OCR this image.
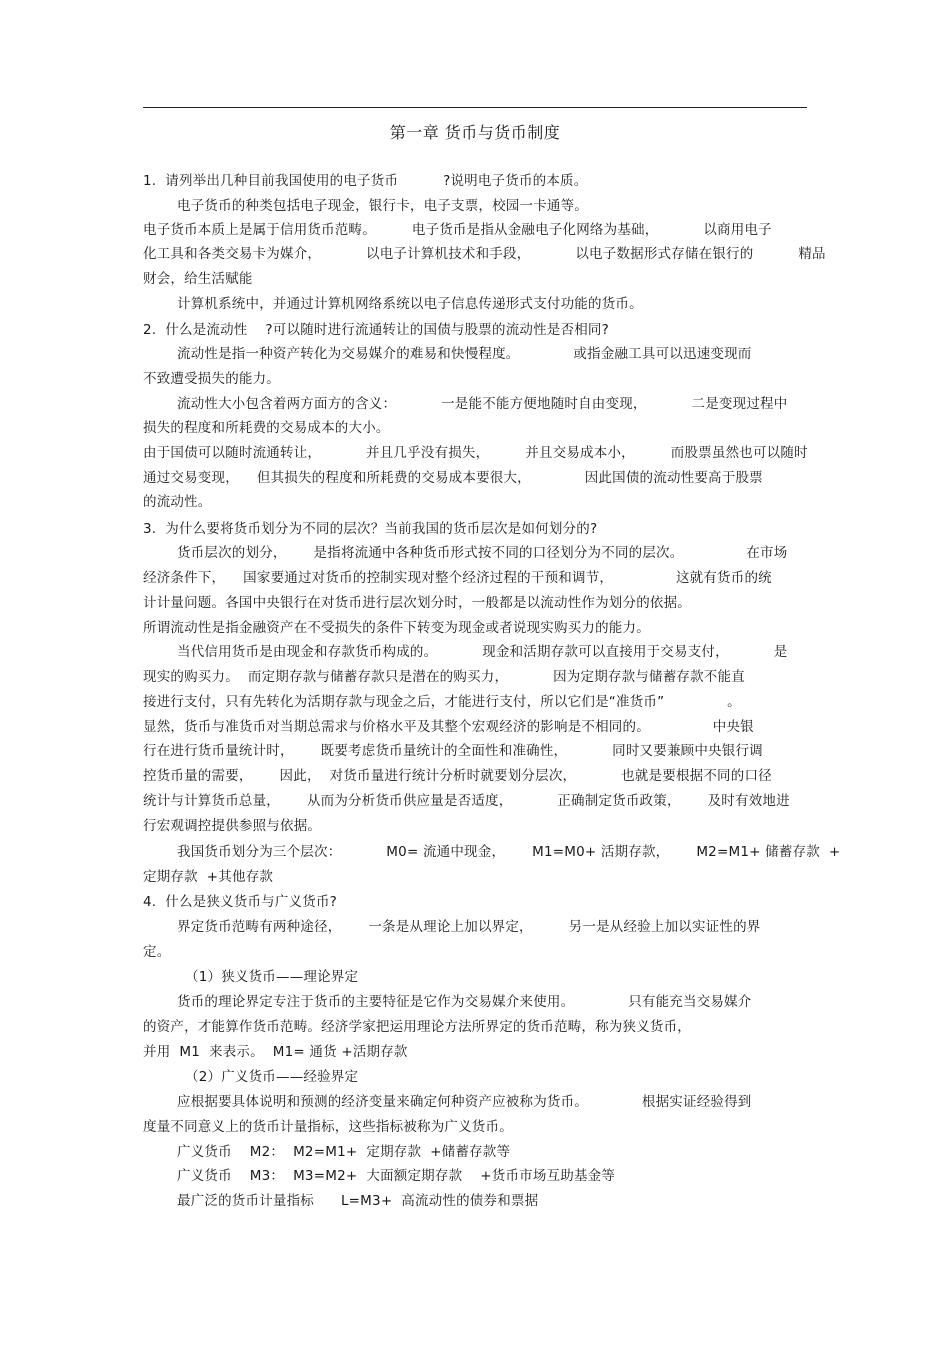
第一章 货币与货币制度
1.  请列举出几种目前我国使用的电子货币          ?说明电子货币的本质。
电子货币的种类包括电子现金，银行卡，电子支票，校园一卡通等。
电子货币本质上是属于信用货币范畴。        电子货币是指从金融电子化网络为基础，          以商用电子
化工具和各类交易卡为媒介，          以电子计算机技术和手段，          以电子数据形式存储在银行的          精品
财会，给生活赋能
计算机系统中，并通过计算机网络系统以电子信息传递形式支付功能的货币。
2.  什么是流动性    ?可以随时进行流通转让的国债与股票的流动性是否相同?
流动性是指一种资产转化为交易媒介的难易和快慢程度。            或指金融工具可以迅速变现而
不致遭受损失的能力。
流动性大小包含着两方面方的含义：          一是能不能方便地随时自由变现，          二是变现过程中
损失的程度和所耗费的交易成本的大小。
由于国债可以随时流通转让，          并且几乎没有损失，        并且交易成本小，        而股票虽然也可以随时
通过交易变现，    但其损失的程度和所耗费的交易成本要很大，            因此国债的流动性要高于股票
的流动性。
3.  为什么要将货币划分为不同的层次？当前我国的货币层次是如何划分的?
货币层次的划分，      是指将流通中各种货币形式按不同的口径划分为不同的层次。              在市场
经济条件下，    国家要通过对货币的控制实现对整个经济过程的干预和调节，              这就有货币的统
计计量问题。各国中央银行在对货币进行层次划分时，一般都是以流动性作为划分的依据。
所谓流动性是指金融资产在不受损失的条件下转变为现金或者说现实购买力的能力。
当代信用货币是由现金和存款货币构成的。          现金和活期存款可以直接用于交易支付，          是
现实的购买力。  而定期存款与储蓄存款只是潜在的购买力，          因为定期存款与储蓄存款不能直
接进行支付，只有先转化为活期存款与现金之后，才能进行支付，所以它们是“准货币”              。
显然，货币与准货币对当期总需求与价格水平及其整个宏观经济的影响是不相同的。              中央银
行在进行货币量统计时，      既要考虑货币量统计的全面性和准确性，          同时又要兼顾中央银行调
控货币量的需要，      因此，  对货币量进行统计分析时就要划分层次，          也就是要根据不同的口径
统计与计算货币总量，      从而为分析货币供应量是否适度，          正确制定货币政策，      及时有效地进
行宏观调控提供参照与依据。
我国货币划分为三个层次：          M0= 流通中现金，      M1=M0+ 活期存款，      M2=M1+ 储蓄存款  +
定期存款  +其他存款
4.  什么是狭义货币与广义货币?
界定货币范畴有两种途径，      一条是从理论上加以界定，        另一是从经验上加以实证性的界
定。
（1）狭义货币——理论界定
货币的理论界定专注于货币的主要特征是它作为交易媒介来使用。            只有能充当交易媒介
的资产，才能算作货币范畴。经济学家把运用理论方法所界定的货币范畴，称为狭义货币，
并用  M1  来表示。  M1= 通货 +活期存款
（2）广义货币——经验界定
应根据要具体说明和预测的经济变量来确定何种资产应被称为货币。            根据实证经验得到
度量不同意义上的货币计量指标，这些指标被称为广义货币。
广义货币    M2：  M2=M1+  定期存款  +储蓄存款等
广义货币    M3：  M3=M2+  大面额定期存款    +货币市场互助基金等
最广泛的货币计量指标      L=M3+  高流动性的债券和票据
